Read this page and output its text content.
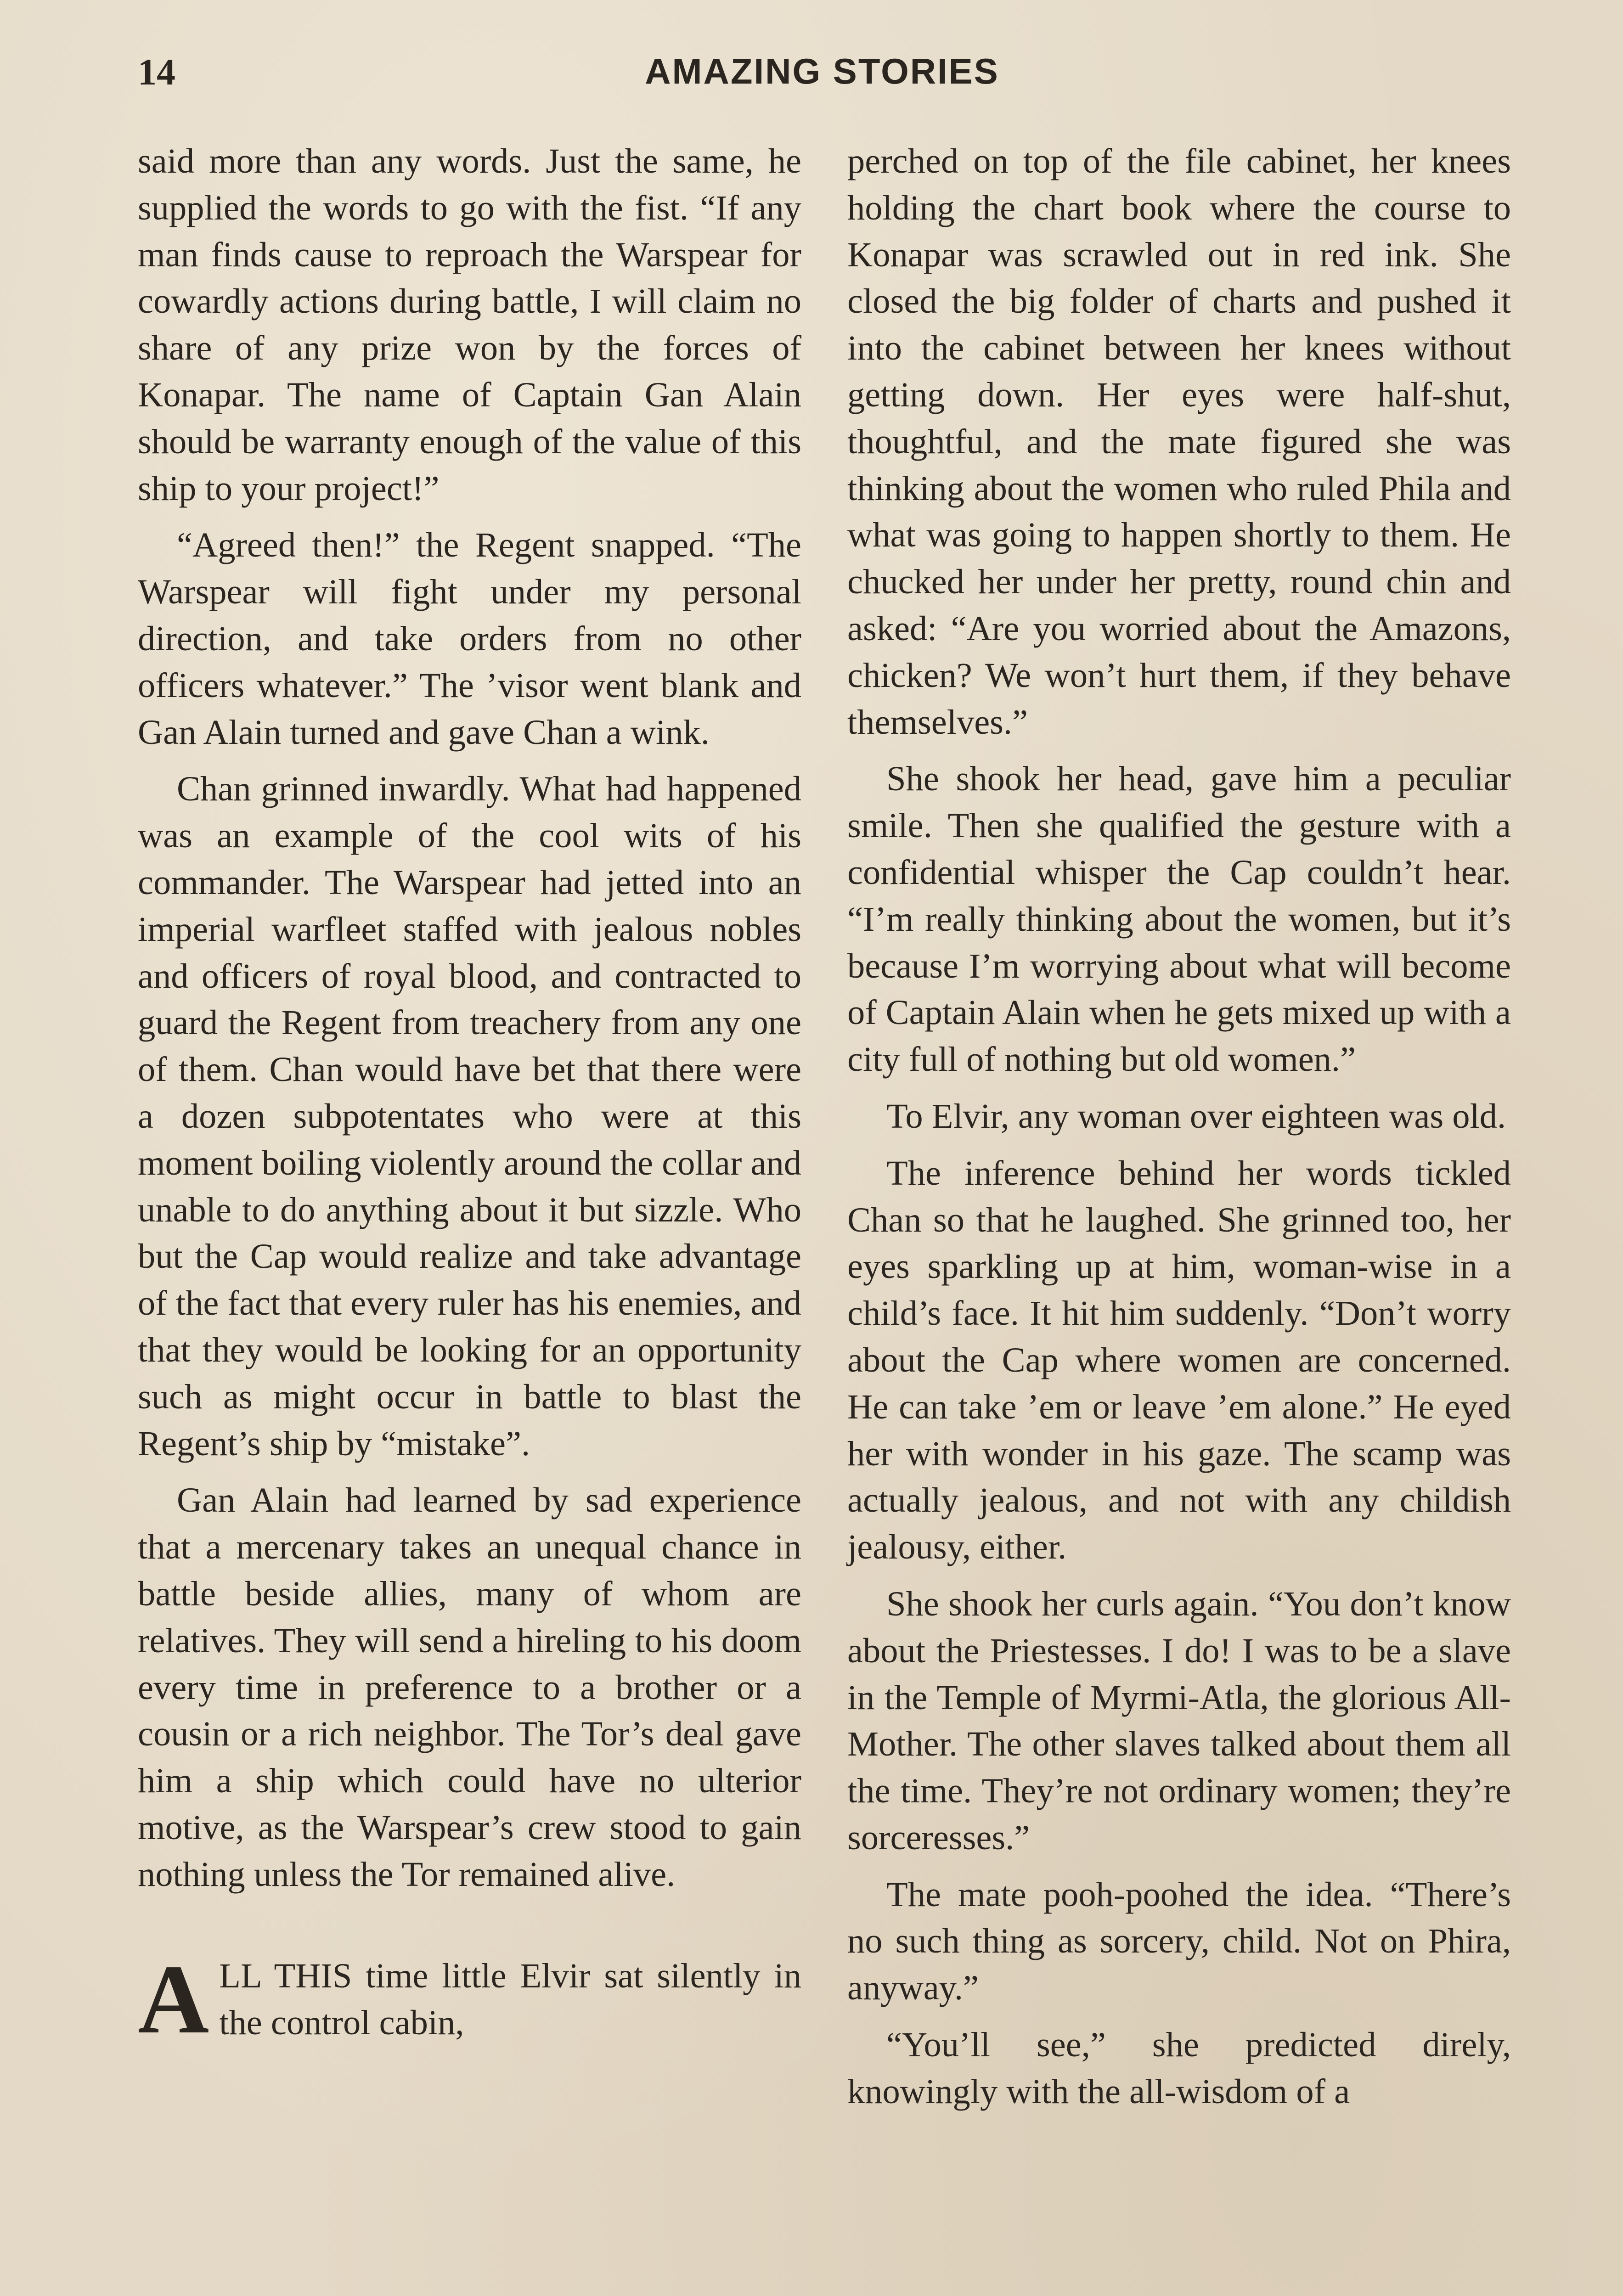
14	AMAZING STORIES

said more than any words. Just the same, he supplied the words to go with the fist. “If any man finds cause to reproach the Warspear for cowardly actions during battle, I will claim no share of any prize won by the forces of Konapar. The name of Captain Gan Alain should be warranty enough of the value of this ship to your project!”

“Agreed then!” the Regent snapped. “The Warspear will fight under my personal direction, and take orders from no other officers whatever.” The ’visor went blank and Gan Alain turned and gave Chan a wink.

Chan grinned inwardly. What had happened was an example of the cool wits of his commander. The Warspear had jetted into an imperial warfleet staffed with jealous nobles and officers of royal blood, and contracted to guard the Regent from treachery from any one of them. Chan would have bet that there were a dozen subpotentates who were at this moment boiling violently around the collar and unable to do anything about it but sizzle. Who but the Cap would realize and take advantage of the fact that every ruler has his enemies, and that they would be looking for an opportunity such as might occur in battle to blast the Regent’s ship by “mistake”.

Gan Alain had learned by sad experience that a mercenary takes an unequal chance in battle beside allies, many of whom are relatives. They will send a hireling to his doom every time in preference to a brother or a cousin or a rich neighbor. The Tor’s deal gave him a ship which could have no ulterior motive, as the Warspear’s crew stood to gain nothing unless the Tor remained alive.

ALL THIS time little Elvir sat silently in the control cabin,

perched on top of the file cabinet, her knees holding the chart book where the course to Konapar was scrawled out in red ink. She closed the big folder of charts and pushed it into the cabinet between her knees without getting down. Her eyes were half-shut, thoughtful, and the mate figured she was thinking about the women who ruled Phila and what was going to happen shortly to them. He chucked her under her pretty, round chin and asked: “Are you worried about the Amazons, chicken? We won’t hurt them, if they behave themselves.”

She shook her head, gave him a peculiar smile. Then she qualified the gesture with a confidential whisper the Cap couldn’t hear. “I’m really thinking about the women, but it’s because I’m worrying about what will become of Captain Alain when he gets mixed up with a city full of nothing but old women.”

To Elvir, any woman over eighteen was old.

The inference behind her words tickled Chan so that he laughed. She grinned too, her eyes sparkling up at him, woman-wise in a child’s face. It hit him suddenly. “Don’t worry about the Cap where women are concerned. He can take ’em or leave ’em alone.” He eyed her with wonder in his gaze. The scamp was actually jealous, and not with any childish jealousy, either.

She shook her curls again. “You don’t know about the Priestesses. I do! I was to be a slave in the Temple of Myrmi-Atla, the glorious All-Mother. The other slaves talked about them all the time. They’re not ordinary women; they’re sorceresses.”

The mate pooh-poohed the idea. “There’s no such thing as sorcery, child. Not on Phira, anyway.”

“You’ll see,” she predicted direly, knowingly with the all-wisdom of a
